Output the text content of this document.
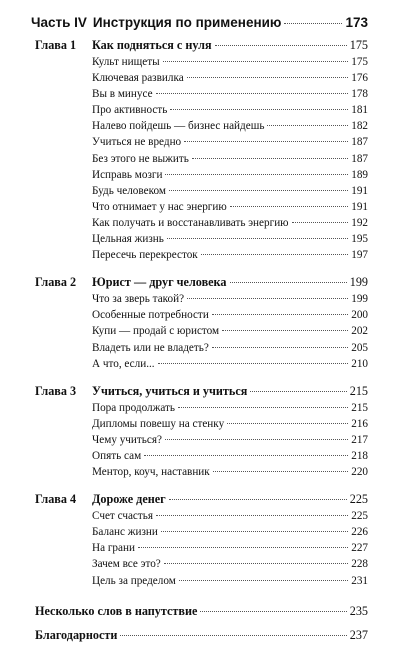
Часть IV Инструкция по применению	173
Глава 1	Как подняться с нуля	175
Культ нищеты	175
Ключевая развилка	176
Вы в минусе	178
Про активность	181
Налево пойдешь — бизнес найдешь	182
Учиться не вредно	187
Без этого не выжить	187
Исправь мозги	189
Будь человеком	191
Что отнимает у нас энергию	191
Как получать и восстанавливать энергию	192
Цельная жизнь	195
Пересечь перекресток	197
Глава 2	Юрист — друг человека	199
Что за зверь такой?	199
Особенные потребности	200
Купи — продай с юристом	202
Владеть или не владеть?	205
А что, если...	210
Глава 3	Учиться, учиться и учиться	215
Пора продолжать	215
Дипломы повешу на стенку	216
Чему учиться?	217
Опять сам	218
Ментор, коуч, наставник	220
Глава 4	Дороже денег	225
Счет счастья	225
Баланс жизни	226
На грани	227
Зачем все это?	228
Цель за пределом	231
Несколько слов в напутствие	235
Благодарности	237
